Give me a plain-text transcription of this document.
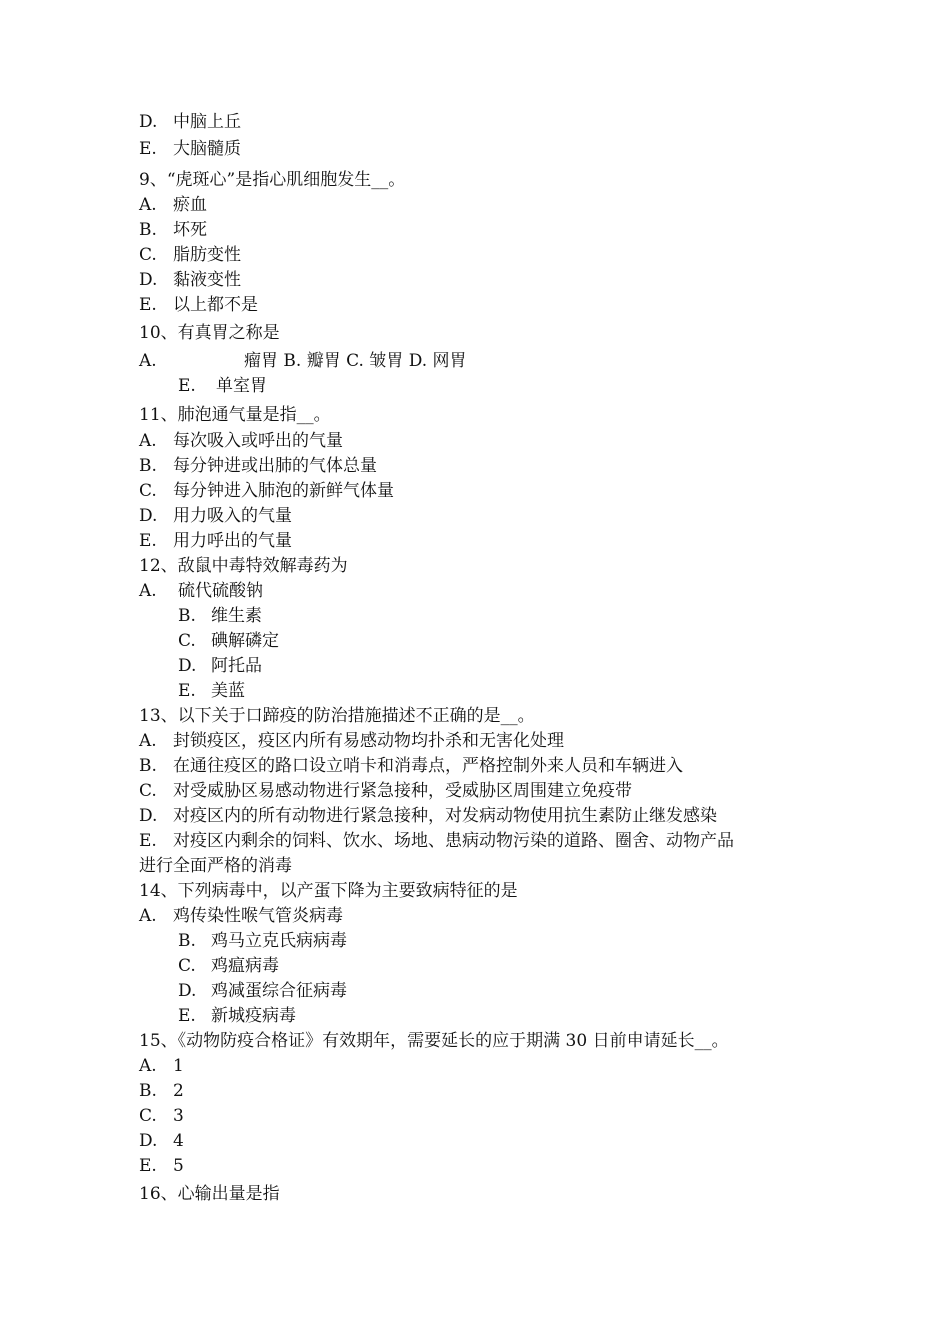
D. 中脑上丘
E. 大脑髓质
9、“虎斑心”是指心肌细胞发生__。
A. 瘀血
B. 坏死
C. 脂肪变性
D. 黏液变性
E. 以上都不是
10、有真胃之称是
A.	瘤胃 B. 瓣胃 C. 皱胃 D. 网胃
E. 单室胃
11、肺泡通气量是指__。
A. 每次吸入或呼出的气量
B. 每分钟进或出肺的气体总量
C. 每分钟进入肺泡的新鲜气体量
D. 用力吸入的气量
E. 用力呼出的气量
12、敌鼠中毒特效解毒药为
A. 硫代硫酸钠
B. 维生素
C. 碘解磷定
D. 阿托品
E. 美蓝
13、以下关于口蹄疫的防治措施描述不正确的是__。
A. 封锁疫区，疫区内所有易感动物均扑杀和无害化处理
B. 在通往疫区的路口设立哨卡和消毒点，严格控制外来人员和车辆进入
C. 对受威胁区易感动物进行紧急接种，受威胁区周围建立免疫带
D. 对疫区内的所有动物进行紧急接种，对发病动物使用抗生素防止继发感染
E. 对疫区内剩余的饲料、饮水、场地、患病动物污染的道路、圈舍、动物产品
进行全面严格的消毒
14、下列病毒中，以产蛋下降为主要致病特征的是
A. 鸡传染性喉气管炎病毒
B. 鸡马立克氏病病毒
C. 鸡瘟病毒
D. 鸡减蛋综合征病毒
E. 新城疫病毒
15、《动物防疫合格证》有效期年，需要延长的应于期满 30 日前申请延长__。
A. 1
B. 2
C. 3
D. 4
E. 5
16、心输出量是指
